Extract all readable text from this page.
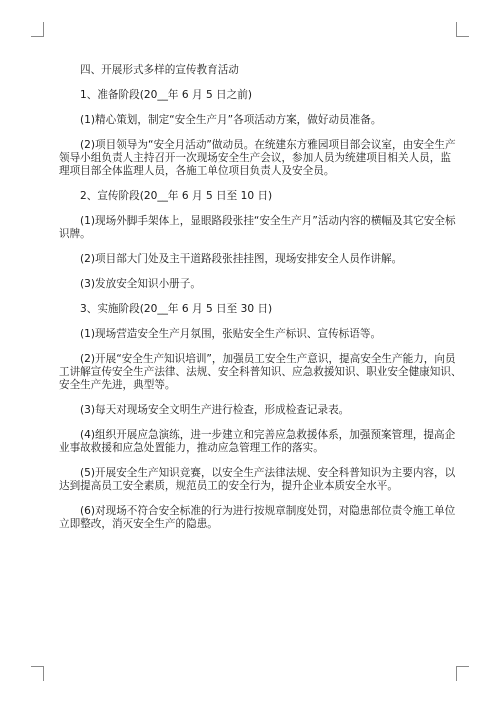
四、开展形式多样的宣传教育活动
1、准备阶段(20__年 6 月 5 日之前)
(1)精心策划，制定“安全生产月”各项活动方案，做好动员准备。
(2)项目领导为“安全月活动”做动员。在统建东方雅园项目部会议室，由安全生产
领导小组负责人主持召开一次现场安全生产会议，参加人员为统建项目相关人员，监
理项目部全体监理人员，各施工单位项目负责人及安全员。
2、宣传阶段(20__年 6 月 5 日至 10 日)
(1)现场外脚手架体上，显眼路段张挂“安全生产月”活动内容的横幅及其它安全标
识牌。
(2)项目部大门处及主干道路段张挂挂图，现场安排安全人员作讲解。
(3)发放安全知识小册子。
3、实施阶段(20__年 6 月 5 日至 30 日)
(1)现场营造安全生产月氛围，张贴安全生产标识、宣传标语等。
(2)开展“安全生产知识培训”，加强员工安全生产意识，提高安全生产能力，向员
工讲解宣传安全生产法律、法规、安全科普知识、应急救援知识、职业安全健康知识、
安全生产先进，典型等。
(3)每天对现场安全文明生产进行检查，形成检查记录表。
(4)组织开展应急演练，进一步建立和完善应急救援体系，加强预案管理，提高企
业事故救援和应急处置能力，推动应急管理工作的落实。
(5)开展安全生产知识竞赛，以安全生产法律法规、安全科普知识为主要内容，以
达到提高员工安全素质，规范员工的安全行为，提升企业本质安全水平。
(6)对现场不符合安全标准的行为进行按规章制度处罚，对隐患部位责令施工单位
立即整改，消灭安全生产的隐患。
